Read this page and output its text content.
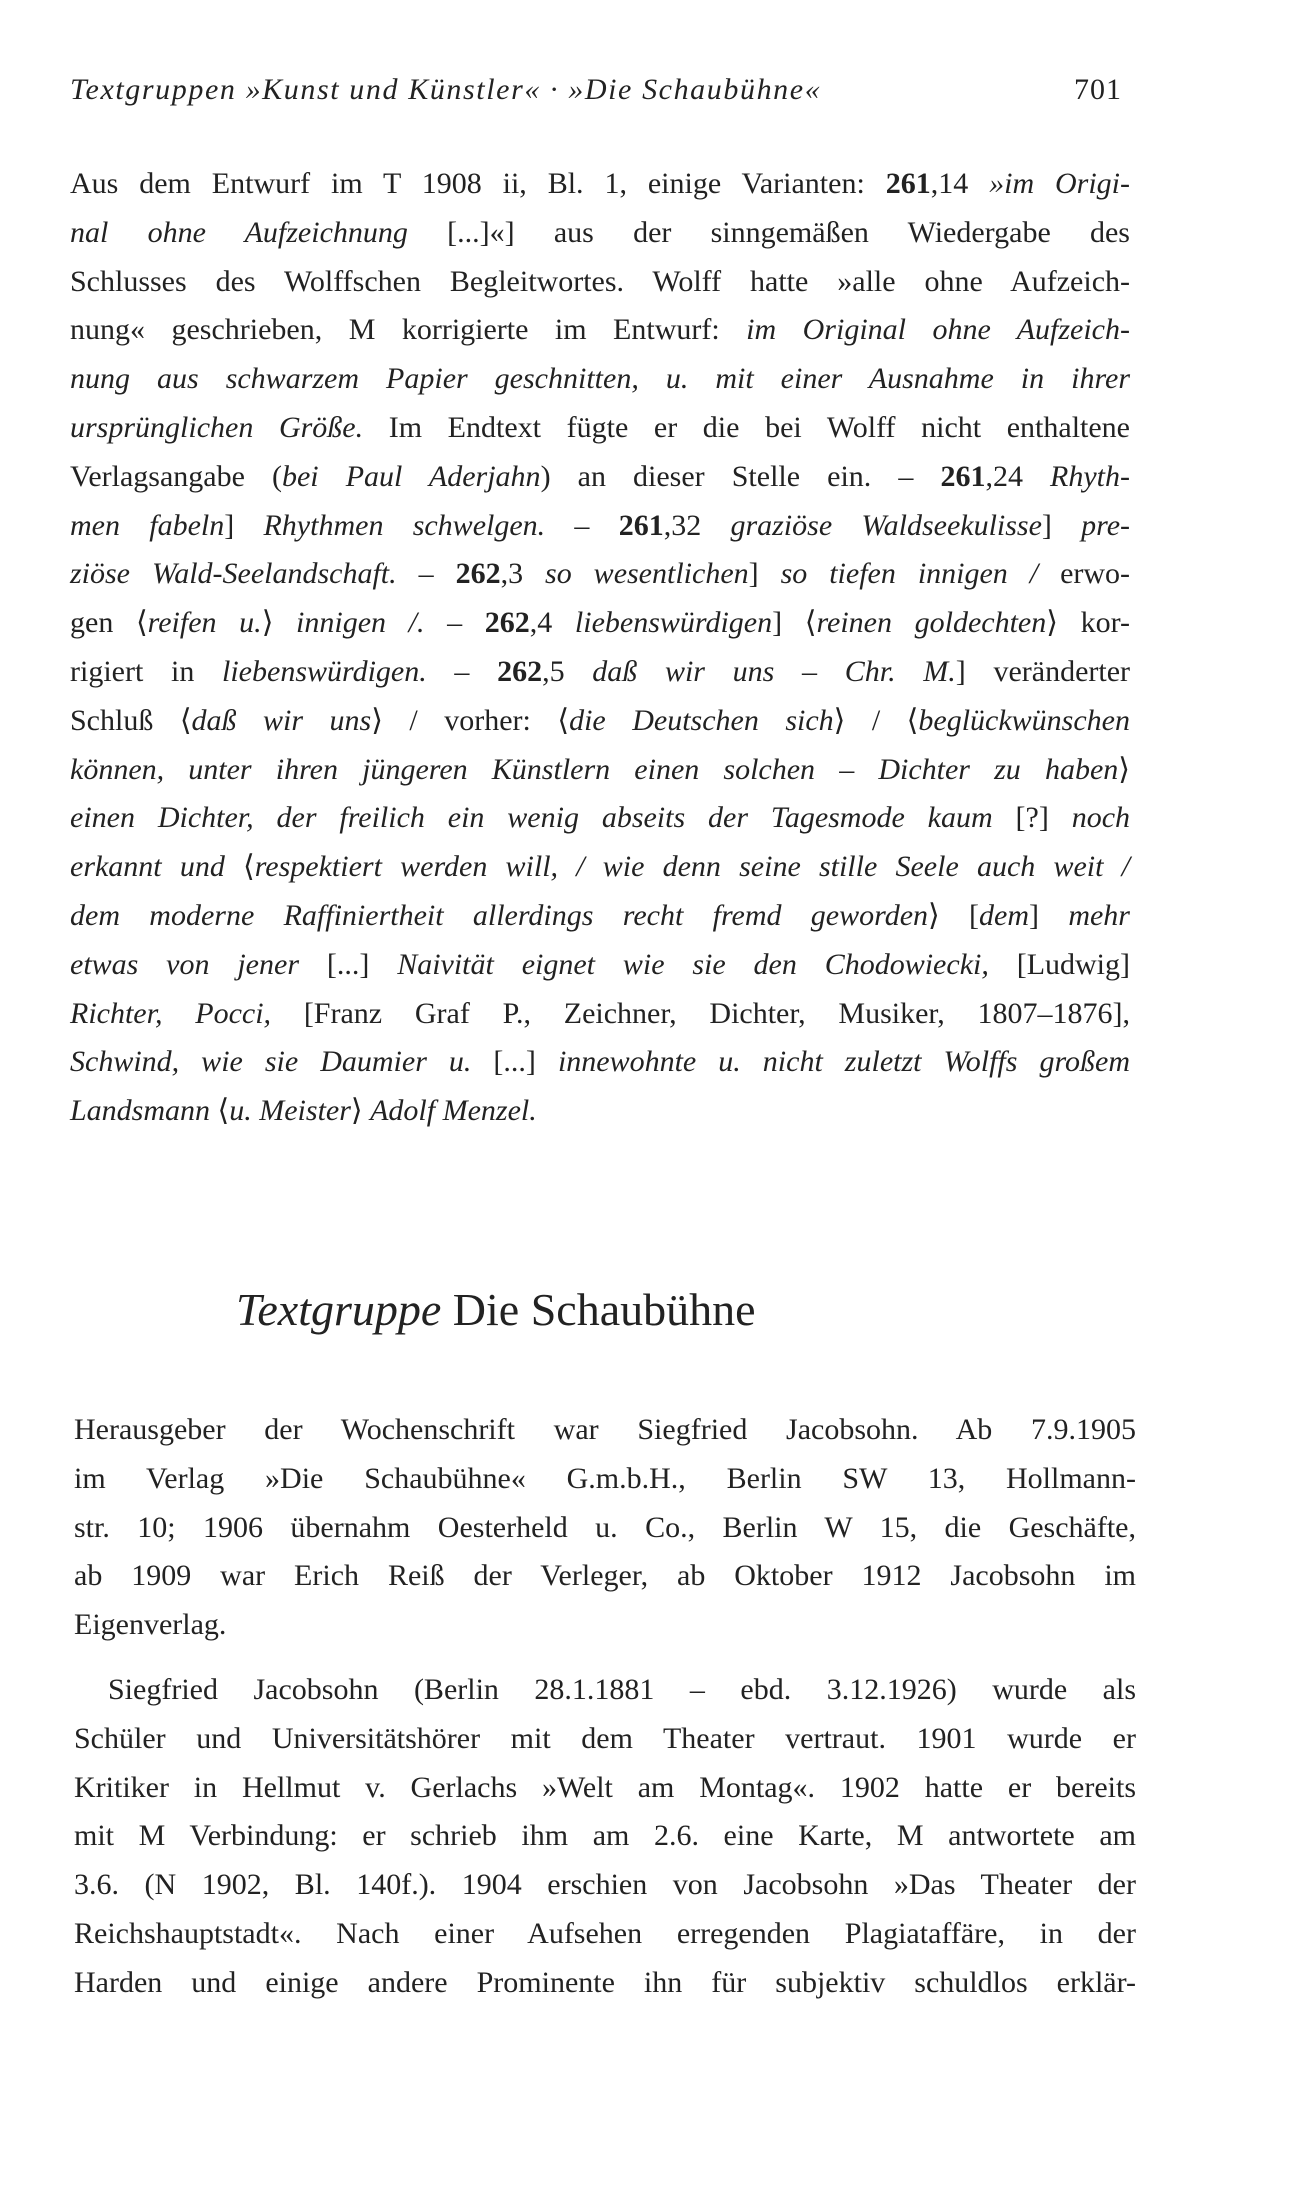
Textgruppen »Kunst und Künstler« · »Die Schaubühne«	701
Aus dem Entwurf im T 1908 ii, Bl. 1, einige Varianten: 261,14 »im Origi-
nal ohne Aufzeichnung [...]«] aus der sinngemäßen Wiedergabe des
Schlusses des Wolffschen Begleitwortes. Wolff hatte »alle ohne Aufzeich-
nung« geschrieben, M korrigierte im Entwurf: im Original ohne Aufzeich-
nung aus schwarzem Papier geschnitten, u. mit einer Ausnahme in ihrer
ursprünglichen Größe. Im Endtext fügte er die bei Wolff nicht enthaltene
Verlagsangabe (bei Paul Aderjahn) an dieser Stelle ein. – 261,24 Rhyth-
men fabeln] Rhythmen schwelgen. – 261,32 graziöse Waldseekulisse] pre-
ziöse Wald-Seelandschaft. – 262,3 so wesentlichen] so tiefen innigen / erwo-
gen ⟨reifen u.⟩ innigen /. – 262,4 liebenswürdigen] ⟨reinen goldechten⟩ kor-
rigiert in liebenswürdigen. – 262,5 daß wir uns – Chr. M.] veränderter
Schluß ⟨daß wir uns⟩ / vorher: ⟨die Deutschen sich⟩ / ⟨beglückwünschen
können, unter ihren jüngeren Künstlern einen solchen – Dichter zu haben⟩
einen Dichter, der freilich ein wenig abseits der Tagesmode kaum [?] noch
erkannt und ⟨respektiert werden will, / wie denn seine stille Seele auch weit /
dem moderne Raffiniertheit allerdings recht fremd geworden⟩ [dem] mehr
etwas von jener [...] Naivität eignet wie sie den Chodowiecki, [Ludwig]
Richter, Pocci, [Franz Graf P., Zeichner, Dichter, Musiker, 1807–1876],
Schwind, wie sie Daumier u. [...] innewohnte u. nicht zuletzt Wolffs großem
Landsmann ⟨u. Meister⟩ Adolf Menzel.
Textgruppe Die Schaubühne
Herausgeber der Wochenschrift war Siegfried Jacobsohn. Ab 7.9.1905
im Verlag »Die Schaubühne« G.m.b.H., Berlin SW 13, Hollmann-
str. 10; 1906 übernahm Oesterheld u. Co., Berlin W 15, die Geschäfte,
ab 1909 war Erich Reiß der Verleger, ab Oktober 1912 Jacobsohn im
Eigenverlag.
Siegfried Jacobsohn (Berlin 28.1.1881 – ebd. 3.12.1926) wurde als
Schüler und Universitätshörer mit dem Theater vertraut. 1901 wurde er
Kritiker in Hellmut v. Gerlachs »Welt am Montag«. 1902 hatte er bereits
mit M Verbindung: er schrieb ihm am 2.6. eine Karte, M antwortete am
3.6. (N 1902, Bl. 140f.). 1904 erschien von Jacobsohn »Das Theater der
Reichshauptstadt«. Nach einer Aufsehen erregenden Plagiataffäre, in der
Harden und einige andere Prominente ihn für subjektiv schuldlos erklär-
